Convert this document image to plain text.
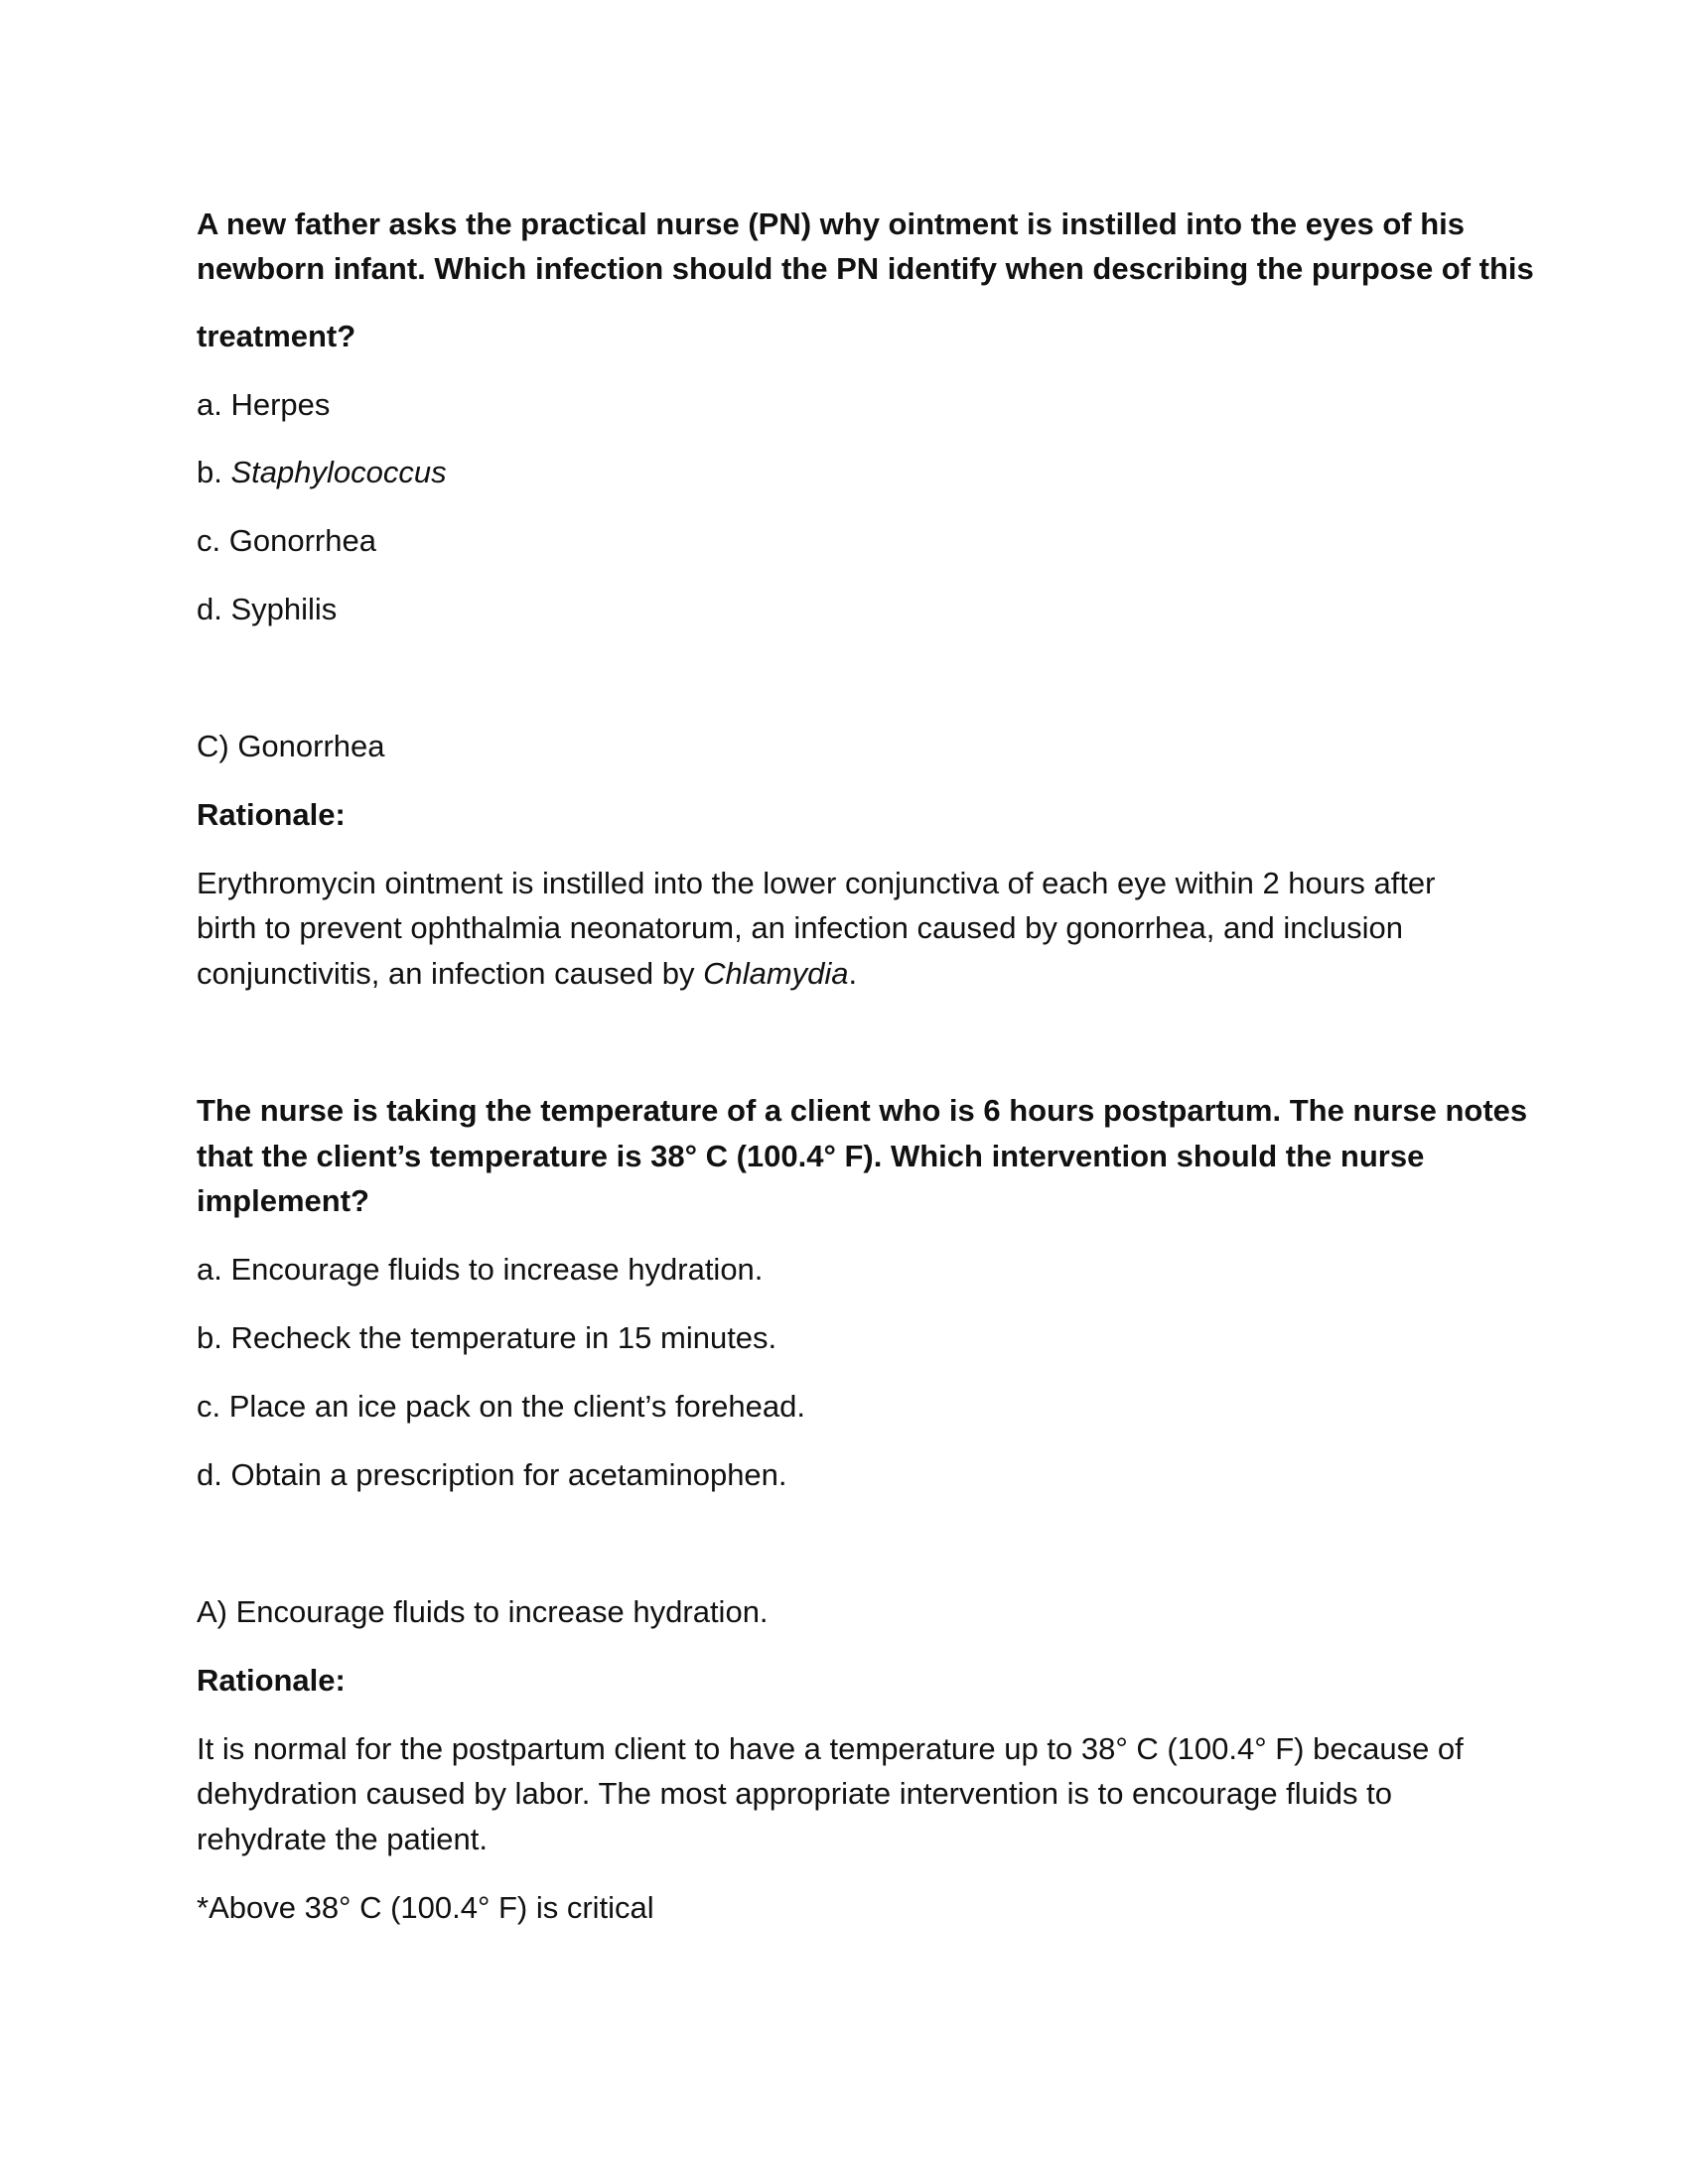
A new father asks the practical nurse (PN) why ointment is instilled into the eyes of his
newborn infant. Which infection should the PN identify when describing the purpose of this
treatment?
a. Herpes
b. Staphylococcus
c. Gonorrhea
d. Syphilis
C) Gonorrhea
Rationale:
Erythromycin ointment is instilled into the lower conjunctiva of each eye within 2 hours after
birth to prevent ophthalmia neonatorum, an infection caused by gonorrhea, and inclusion
conjunctivitis, an infection caused by Chlamydia.
The nurse is taking the temperature of a client who is 6 hours postpartum. The nurse notes
that the client’s temperature is 38° C (100.4° F). Which intervention should the nurse
implement?
a. Encourage fluids to increase hydration.
b. Recheck the temperature in 15 minutes.
c. Place an ice pack on the client’s forehead.
d. Obtain a prescription for acetaminophen.
A) Encourage fluids to increase hydration.
Rationale:
It is normal for the postpartum client to have a temperature up to 38° C (100.4° F) because of
dehydration caused by labor. The most appropriate intervention is to encourage fluids to
rehydrate the patient.
*Above 38° C (100.4° F) is critical
